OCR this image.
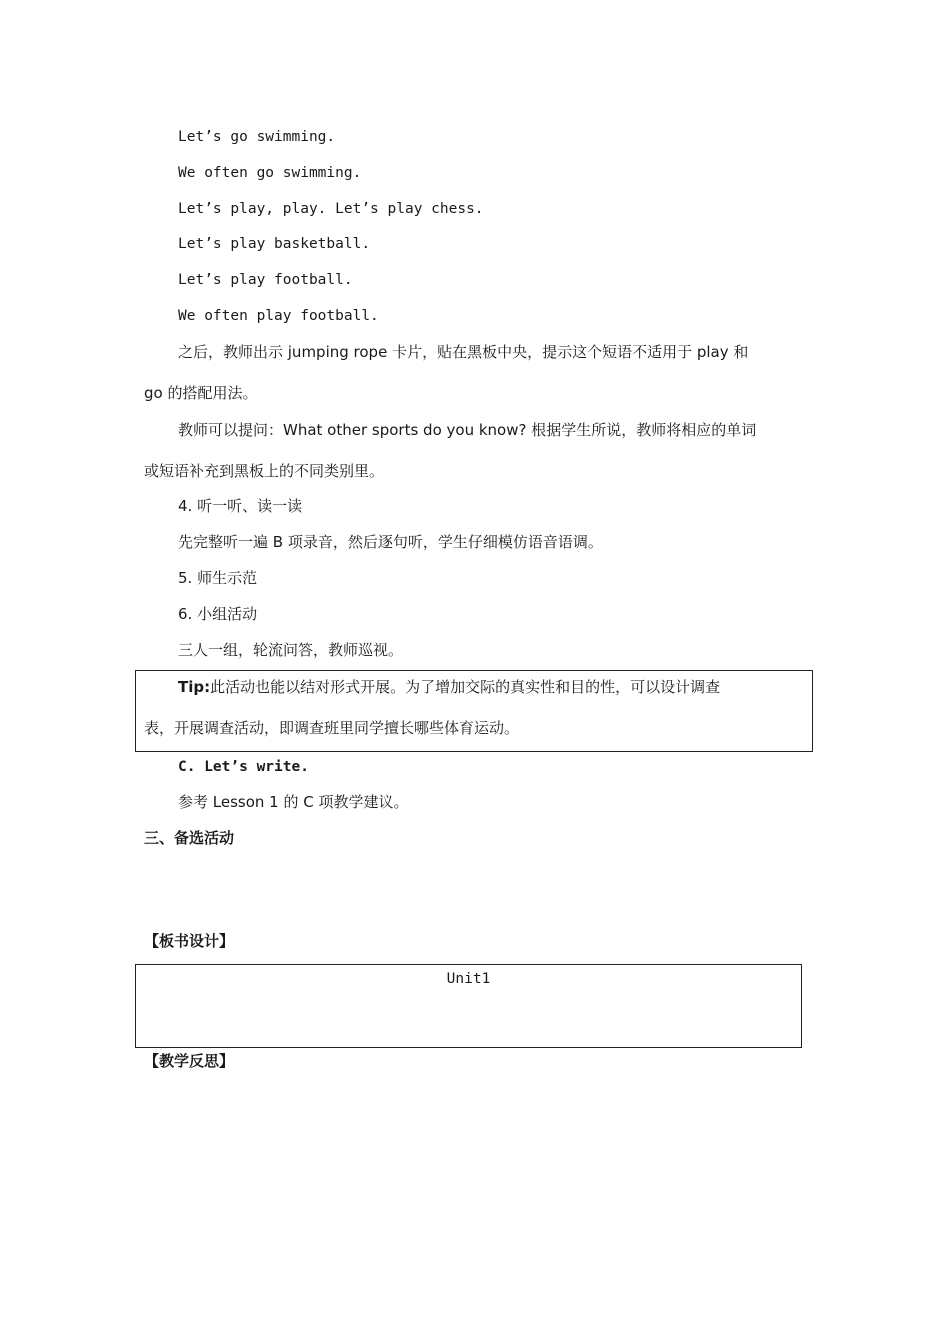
Let’s go swimming.
We often go swimming.
Let’s play, play. Let’s play chess.
Let’s play basketball.
Let’s play football.
We often play football.
之后，教师出示 jumping rope 卡片，贴在黑板中央，提示这个短语不适用于 play 和
go 的搭配用法。
教师可以提问：What other sports do you know? 根据学生所说，教师将相应的单词
或短语补充到黑板上的不同类别里。
4. 听一听、读一读
先完整听一遍 B 项录音，然后逐句听，学生仔细模仿语音语调。
5. 师生示范
6. 小组活动
三人一组，轮流问答，教师巡视。
Tip:此活动也能以结对形式开展。为了增加交际的真实性和目的性，可以设计调查
表，开展调查活动，即调查班里同学擅长哪些体育运动。
C. Let’s write.
参考 Lesson 1 的 C 项教学建议。
三、备选活动
【板书设计】
Unit1
【教学反思】
